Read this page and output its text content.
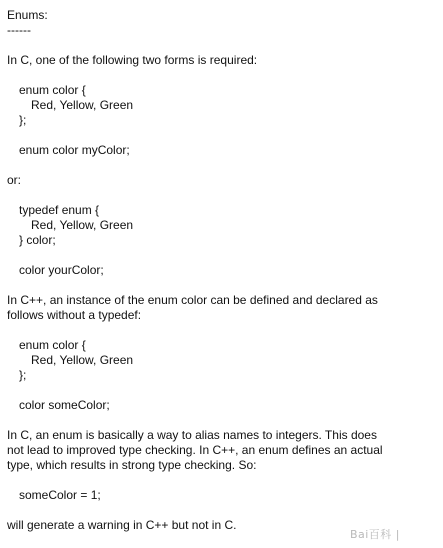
Enums:
------
In C, one of the following two forms is required:
enum color {
Red, Yellow, Green
};
enum color myColor;
or:
typedef enum {
Red, Yellow, Green
} color;
color yourColor;
In C++, an instance of the enum color can be defined and declared as follows without a typedef:
enum color {
Red, Yellow, Green
};
color someColor;
In C, an enum is basically a way to alias names to integers. This does not lead to improved type checking. In C++, an enum defines an actual type, which results in strong type checking. So:
someColor = 1;
will generate a warning in C++ but not in C.
Bai百科 |
